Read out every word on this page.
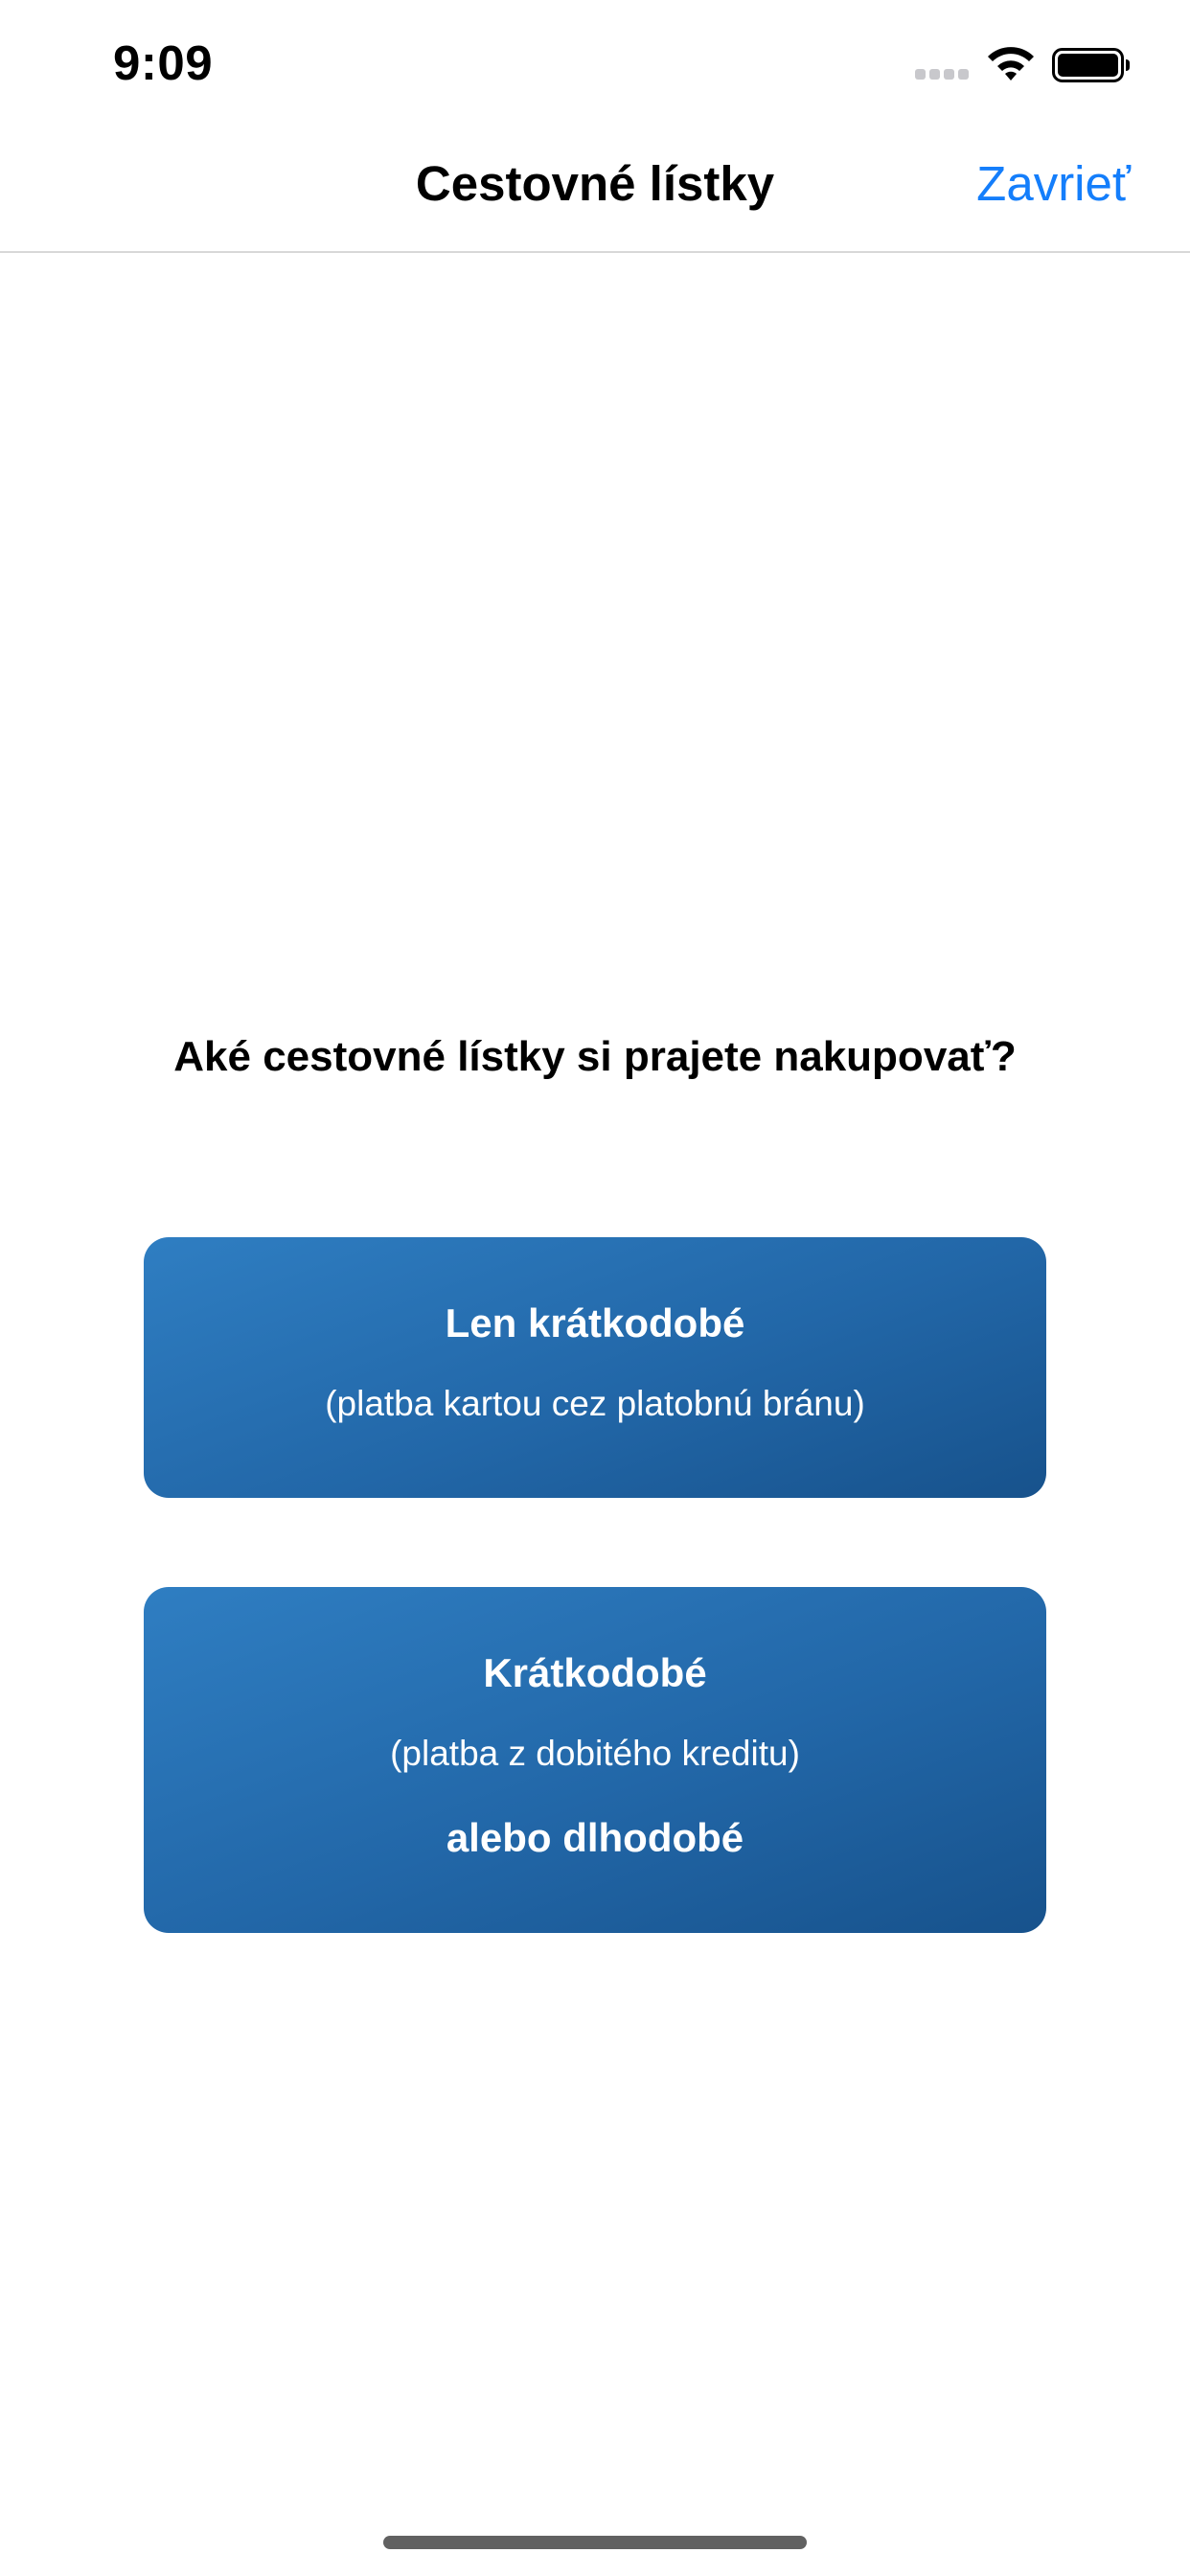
9:09
Cestovné lístky	Zavrieť
Aké cestovné lístky si prajete nakupovať?
Len krátkodobé
(platba kartou cez platobnú bránu)
Krátkodobé
(platba z dobitého kreditu)
alebo dlhodobé
